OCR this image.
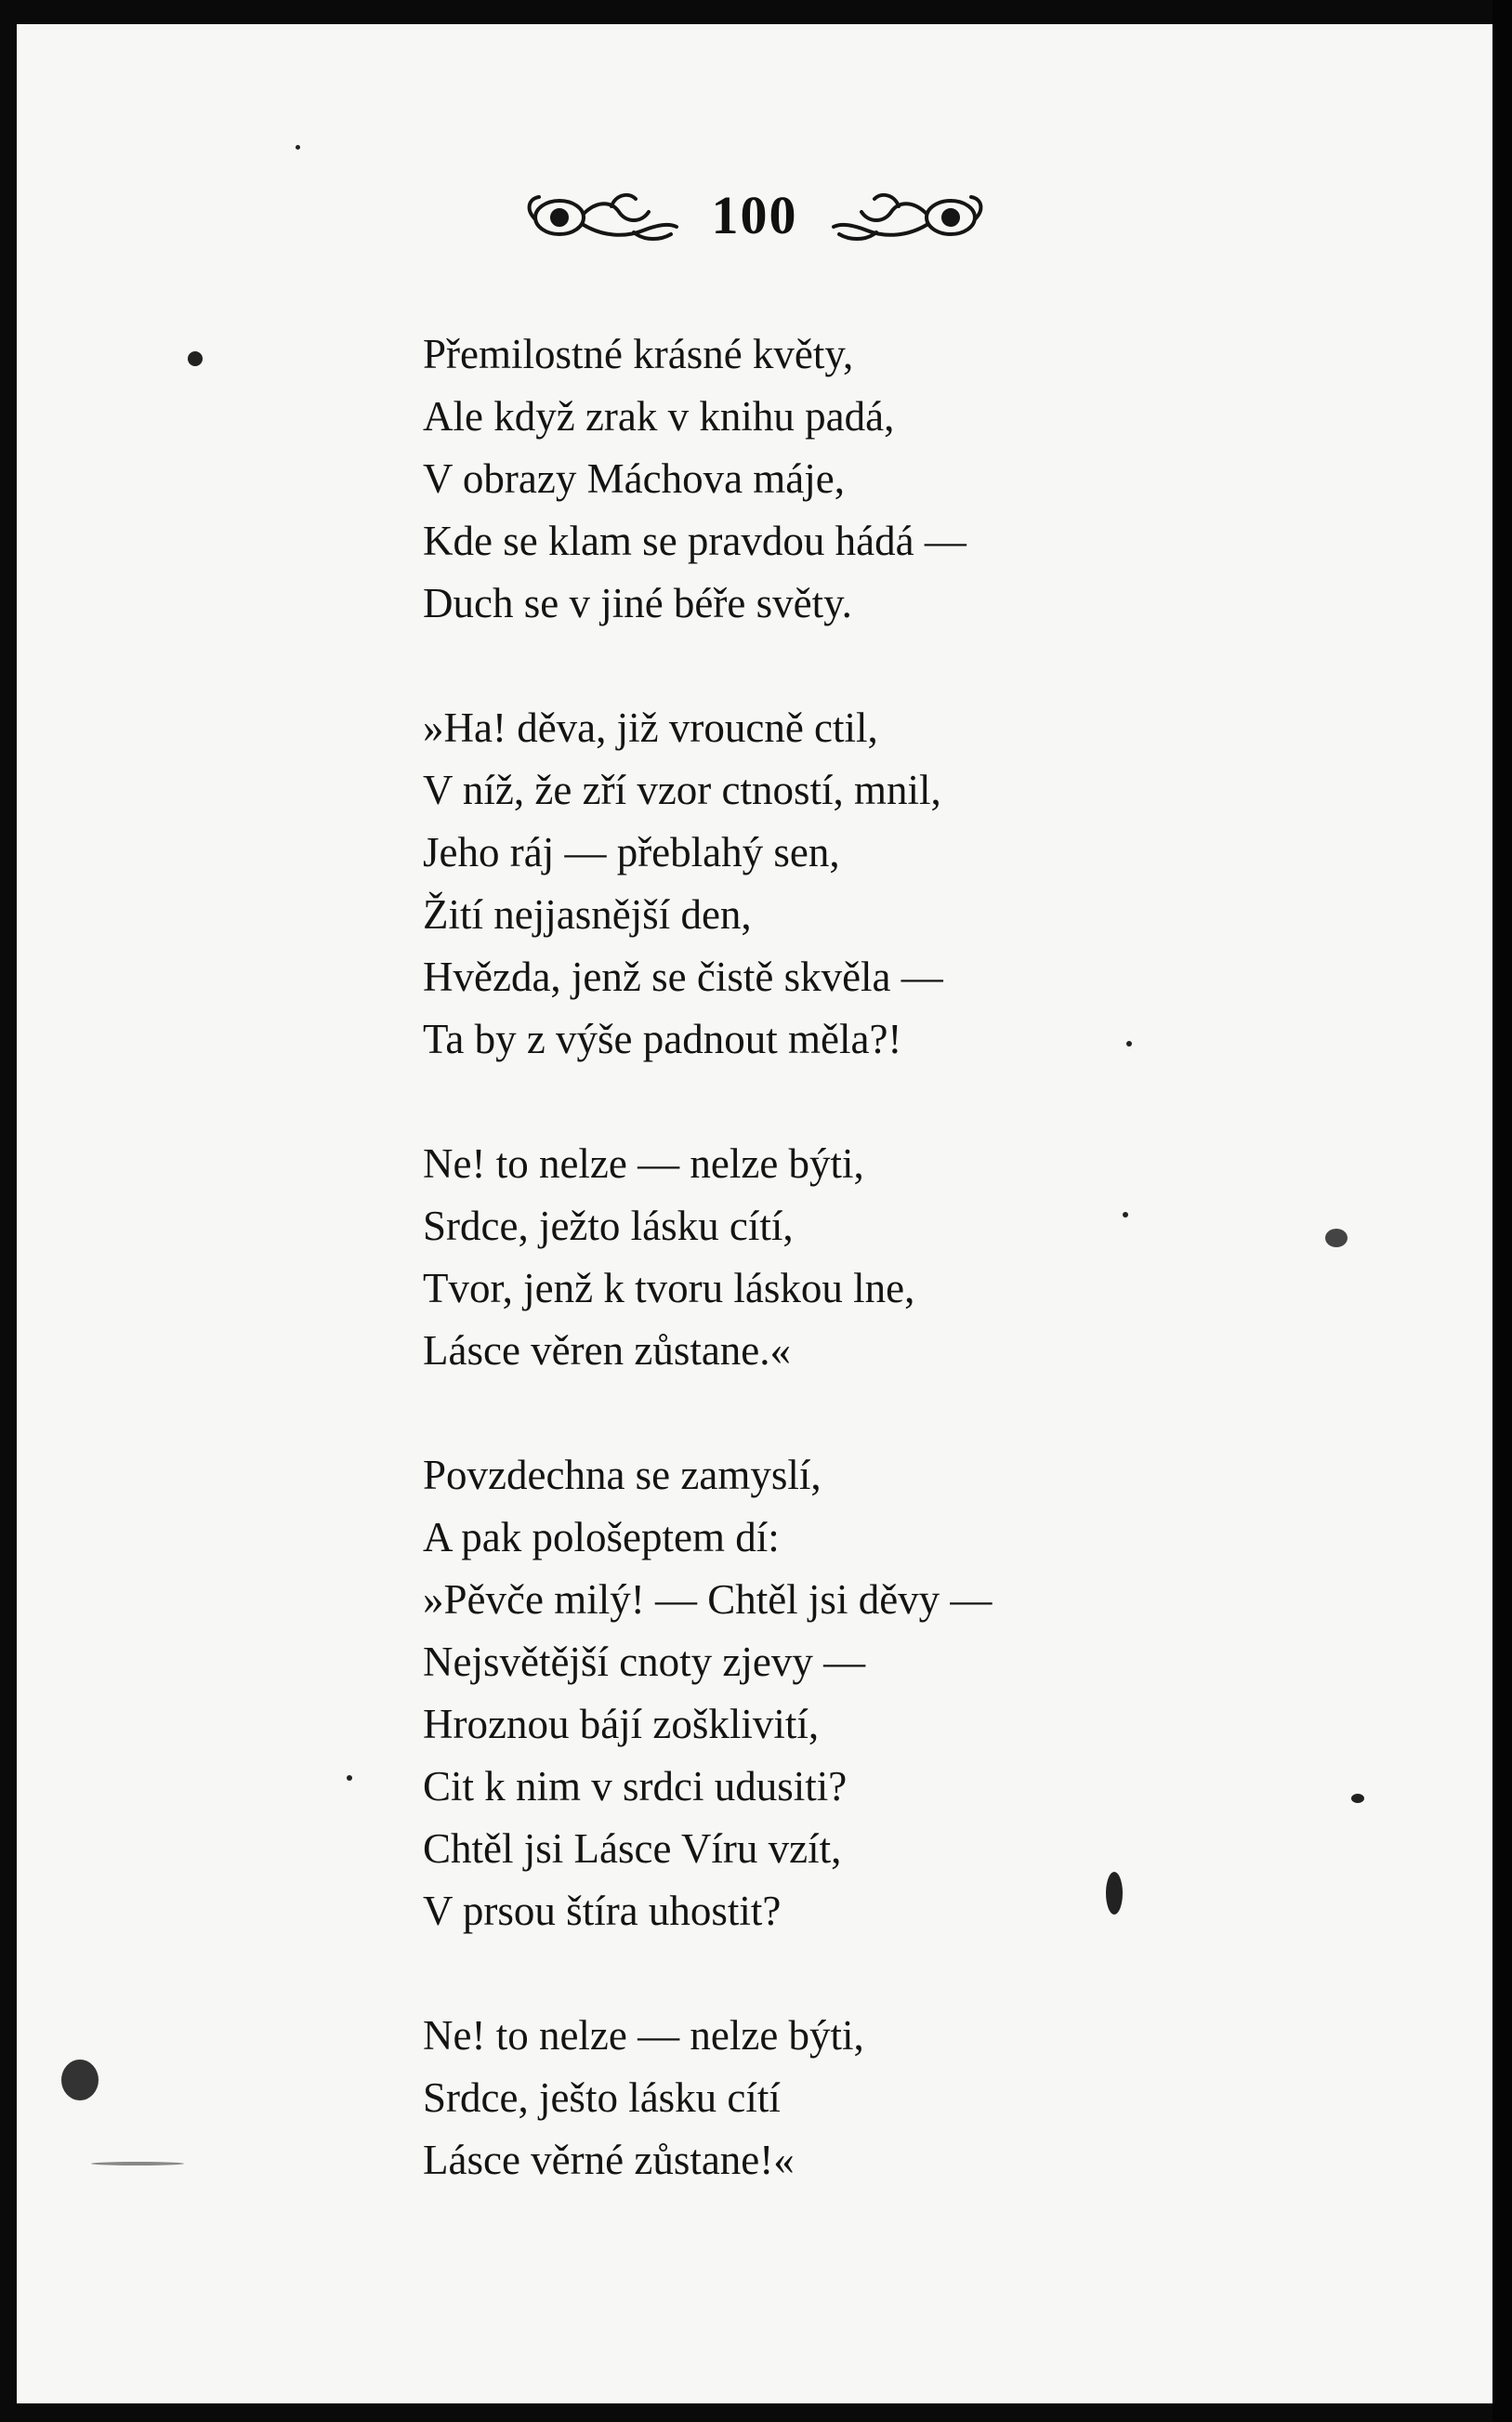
100
Přemilostné krásné květy,
Ale když zrak v knihu padá,
V obrazy Máchova máje,
Kde se klam se pravdou hádá —
Duch se v jiné béře světy.
»Ha! děva, již vroucně ctil,
V níž, že zří vzor ctností, mnil,
Jeho ráj — přeblahý sen,
Žití nejjasnější den,
Hvězda, jenž se čistě skvěla —
Ta by z výše padnout měla?!
Ne! to nelze — nelze býti,
Srdce, ježto lásku cítí,
Tvor, jenž k tvoru láskou lne,
Lásce věren zůstane.«
Povzdechna se zamyslí,
A pak pološeptem dí:
»Pěvče milý! — Chtěl jsi děvy —
Nejsvětější cnoty zjevy —
Hroznou bájí zošklivití,
Cit k nim v srdci udusiti?
Chtěl jsi Lásce Víru vzít,
V prsou štíra uhostit?
Ne! to nelze — nelze býti,
Srdce, ješto lásku cítí
Lásce věrné zůstane!«
